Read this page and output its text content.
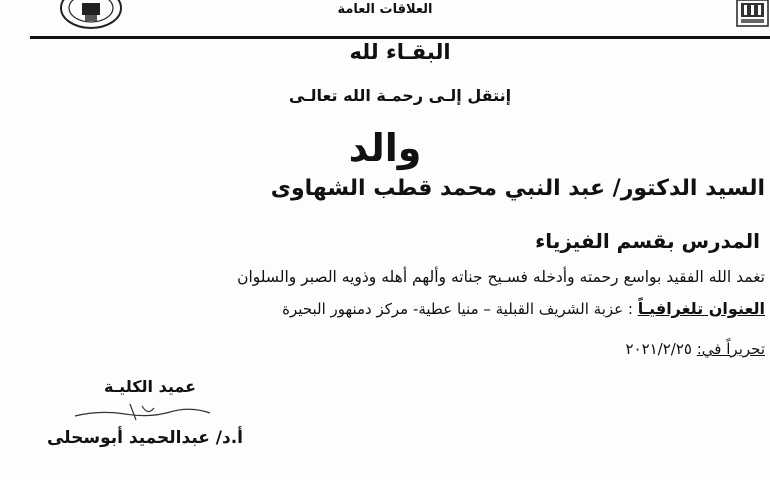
العلاقات العامة
البقـاء لله
إنتقل إلـى رحمـة الله تعالـى
والد
السيد الدكتور/ عبد النبي محمد قطب الشهاوى
المدرس بقسم الفيزياء
تغمد الله الفقيد بواسع رحمته وأدخله فسـيح جناته وألهم أهله وذويه الصبر والسلوان
العنوان تلغرافيـاً : عزبة الشريف القبلية – منيا عطية- مركز دمنهور البحيرة
تحريراً في: ٢٠٢١/٢/٢٥
عميد الكليـة
أ.د/ عبدالحميد أبوسحلى
